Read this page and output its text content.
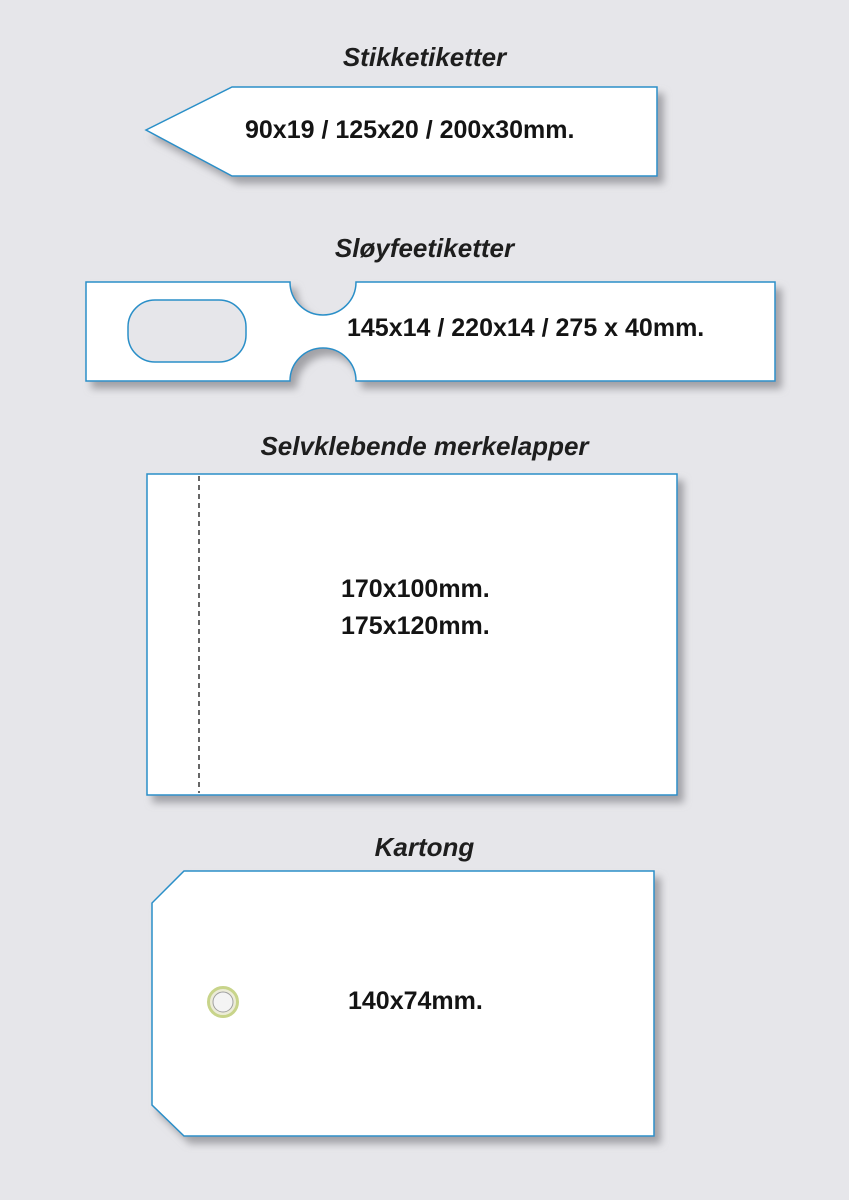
Stikketiketter
Sløyfeetiketter
Selvklebende merkelapper
Kartong
90x19 / 125x20 / 200x30mm.
145x14 / 220x14 / 275 x 40mm.
170x100mm.
175x120mm.
140x74mm.
